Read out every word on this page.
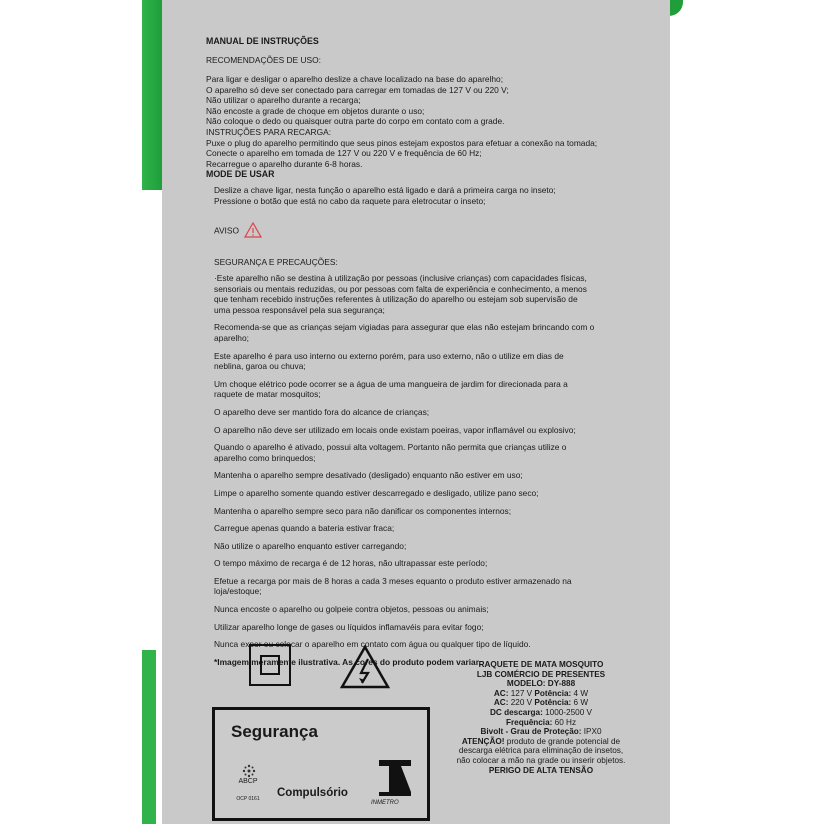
MANUAL DE INSTRUÇÕES
RECOMENDAÇÕES DE USO:

Para ligar e desligar o aparelho deslize a chave localizado na base do aparelho;

O aparelho só deve ser conectado para carregar em tomadas de 127 V ou 220 V;

Não utilizar o aparelho durante a recarga;

Não encoste a grade de choque em objetos durante o uso;

Não coloque o dedo ou quaisquer outra parte do corpo em contato com a grade.

INSTRUÇÕES PARA RECARGA:

Puxe o plug do aparelho permitindo que seus pinos estejam expostos para efetuar a conexão na tomada;

Conecte o aparelho em tomada de 127 V ou 220 V e frequência de 60 Hz;

Recarregue o aparelho durante 6-8 horas.

MODE DE USAR

Deslize a chave ligar, nesta função o aparelho está ligado e dará a primeira carga no inseto;

Pressione o botão que está no cabo da raquete para eletrocutar o inseto;

AVISO
SEGURANÇA E PRECAUÇÕES:

·Este aparelho não se destina à utilização por pessoas (inclusive crianças) com capacidades físicas,

sensoriais ou mentais reduzidas, ou por pessoas com falta de experiência e conhecimento, a menos

que tenham recebido instruções referentes à utilização do aparelho ou estejam sob supervisão de

uma pessoa responsável pela sua segurança;

Recomenda-se que as crianças sejam vigiadas para assegurar que elas não estejam brincando com o

aparelho;

Este aparelho é para uso interno ou externo porém, para uso externo, não o utilize em dias de

neblina, garoa ou chuva;

Um choque elétrico pode ocorrer se a água de uma mangueira de jardim for direcionada para a

raquete de matar mosquitos;

O aparelho deve ser mantido fora do alcance de crianças;

O aparelho não deve ser utilizado em locais onde existam poeiras, vapor inflamável ou explosivo;

Quando o aparelho é ativado, possui alta voltagem. Portanto não permita que crianças utilize o

aparelho como brinquedos;

Mantenha o aparelho sempre desativado (desligado) enquanto não estiver em uso;

Limpe o aparelho somente quando estiver descarregado e desligado, utilize pano seco;

Mantenha o aparelho sempre seco para não danificar os componentes internos;

Carregue apenas quando a bateria estivar fraca;

Não utilize o aparelho enquanto estiver carregando;

O tempo máximo de recarga é de 12 horas, não ultrapassar este período;

Efetue a recarga por mais de 8 horas a cada 3 meses equanto o produto estiver armazenado na

loja/estoque;

Nunca encoste o aparelho ou golpeie contra objetos, pessoas ou animais;

Utilizar aparelho longe de gases ou líquidos inflamavéis para evitar fogo;

Nunca expor ou colocar o aparelho em contato com água ou qualquer tipo de líquido.

*Imagem meramente ilustrativa. As cores do produto podem variar.

Segurança
ABCP
OCP 0161	Compulsório
INMETRO
RAQUETE DE MATA MOSQUITO
LJB COMÉRCIO DE PRESENTES
MODELO: DY-888
AC: 127 V Potência: 4 W
AC: 220 V Potência: 6 W
DC descarga: 1000-2500 V
Frequência: 60 Hz
Bivolt - Grau de Proteção: IPX0
ATENÇÃO! produto de grande potencial de
descarga elétrica para eliminação de insetos,
não colocar a mão na grade ou inserir objetos.
PERIGO DE ALTA TENSÃO
